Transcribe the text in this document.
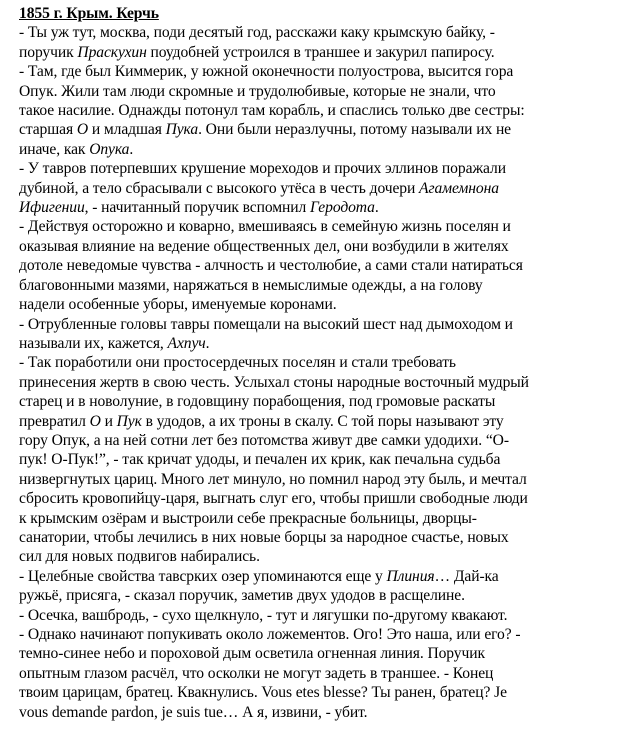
1855 г. Крым. Керчь
- Ты уж тут, москва, поди десятый год, расскажи каку крымскую байку, -
поручик Праскухин поудобней устроился в траншее и закурил папиросу.
- Там, где был Киммерик, у южной оконечности полуострова, высится гора
Опук. Жили там люди скромные и трудолюбивые, которые не знали, что
такое насилие. Однажды потонул там корабль, и спаслись только две сестры:
старшая О и младшая Пука. Они были неразлучны, потому называли их не
иначе, как Опука.
- У тавров потерпевших крушение мореходов и прочих эллинов поражали
дубиной, а тело сбрасывали с высокого утёса в честь дочери Агамемнона
Ифигении, - начитанный поручик вспомнил Геродота.
- Действуя осторожно и коварно, вмешиваясь в семейную жизнь поселян и
оказывая влияние на ведение общественных дел, они возбудили в жителях
дотоле неведомые чувства - алчность и честолюбие, а сами стали натираться
благовонными мазями, наряжаться в немыслимые одежды, а на голову
надели особенные уборы, именуемые коронами.
- Отрубленные головы тавры помещали на высокий шест над дымоходом и
называли их, кажется, Ахпуч.
- Так поработили они простосердечных поселян и стали требовать
принесения жертв в свою честь. Услыхал стоны народные восточный мудрый
старец и в новолуние, в годовщину порабощения, под громовые раскаты
превратил О и Пук в удодов, а их троны в скалу. С той поры называют эту
гору Опук, а на ней сотни лет без потомства живут две самки удодихи. “О-
пук! О-Пук!”, - так кричат удоды, и печален их крик, как печальна судьба
низвергнутых цариц. Много лет минуло, но помнил народ эту быль, и мечтал
сбросить кровопийцу-царя, выгнать слуг его, чтобы пришли свободные люди
к крымским озёрам и выстроили себе прекрасные больницы, дворцы-
санатории, чтобы лечились в них новые борцы за народное счастье, новых
сил для новых подвигов набирались.
- Целебные свойства тавсрких озер упоминаются еще у Плиния… Дай-ка
ружьё, присяга, - сказал поручик, заметив двух удодов в расщелине.
- Осечка, вашбродь, - сухо щелкнуло, - тут и лягушки по-другому квакают.
- Однако начинают попукивать около ложементов. Ого! Это наша, или его? -
темно-синее небо и пороховой дым осветила огненная линия. Поручик
опытным глазом расчёл, что осколки не могут задеть в траншее. - Конец
твоим царицам, братец. Квакнулись. Vous etes blesse? Ты ранен, братец? Je
vous demande pardon, je suis tue… А я, извини, - убит.
